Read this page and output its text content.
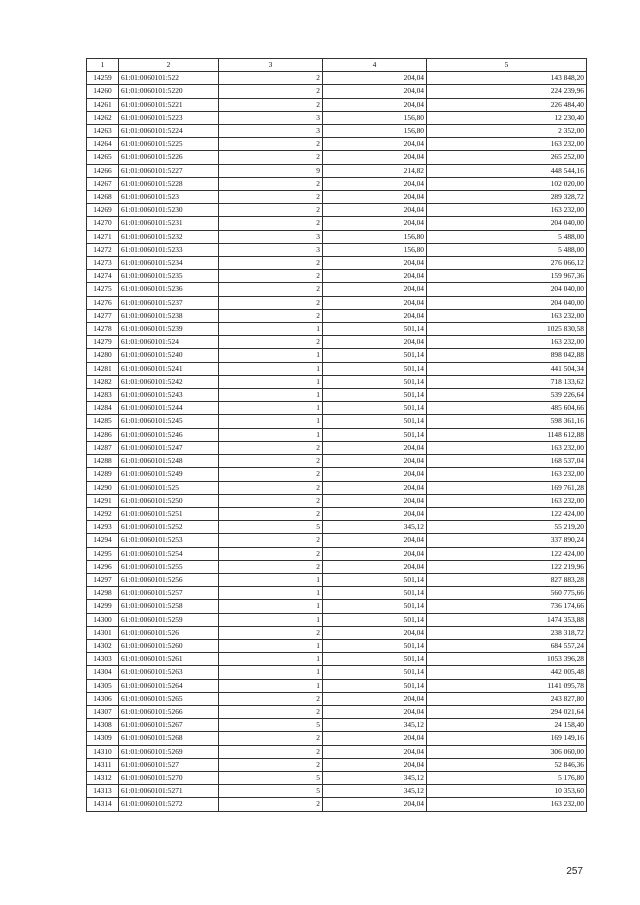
1	2	3	4	5
14259	61:01:0060101:522	2	204,04	143 848,20
14260	61:01:0060101:5220	2	204,04	224 239,96
14261	61:01:0060101:5221	2	204,04	226 484,40
14262	61:01:0060101:5223	3	156,80	12 230,40
14263	61:01:0060101:5224	3	156,80	2 352,00
14264	61:01:0060101:5225	2	204,04	163 232,00
14265	61:01:0060101:5226	2	204,04	265 252,00
14266	61:01:0060101:5227	9	214,82	448 544,16
14267	61:01:0060101:5228	2	204,04	102 020,00
14268	61:01:0060101:523	2	204,04	289 328,72
14269	61:01:0060101:5230	2	204,04	163 232,00
14270	61:01:0060101:5231	2	204,04	204 040,00
14271	61:01:0060101:5232	3	156,80	5 488,00
14272	61:01:0060101:5233	3	156,80	5 488,00
14273	61:01:0060101:5234	2	204,04	276 066,12
14274	61:01:0060101:5235	2	204,04	159 967,36
14275	61:01:0060101:5236	2	204,04	204 040,00
14276	61:01:0060101:5237	2	204,04	204 040,00
14277	61:01:0060101:5238	2	204,04	163 232,00
14278	61:01:0060101:5239	1	501,14	1025 830,58
14279	61:01:0060101:524	2	204,04	163 232,00
14280	61:01:0060101:5240	1	501,14	898 042,88
14281	61:01:0060101:5241	1	501,14	441 504,34
14282	61:01:0060101:5242	1	501,14	718 133,62
14283	61:01:0060101:5243	1	501,14	539 226,64
14284	61:01:0060101:5244	1	501,14	485 604,66
14285	61:01:0060101:5245	1	501,14	598 361,16
14286	61:01:0060101:5246	1	501,14	1148 612,88
14287	61:01:0060101:5247	2	204,04	163 232,00
14288	61:01:0060101:5248	2	204,04	168 537,04
14289	61:01:0060101:5249	2	204,04	163 232,00
14290	61:01:0060101:525	2	204,04	169 761,28
14291	61:01:0060101:5250	2	204,04	163 232,00
14292	61:01:0060101:5251	2	204,04	122 424,00
14293	61:01:0060101:5252	5	345,12	55 219,20
14294	61:01:0060101:5253	2	204,04	337 890,24
14295	61:01:0060101:5254	2	204,04	122 424,00
14296	61:01:0060101:5255	2	204,04	122 219,96
14297	61:01:0060101:5256	1	501,14	827 883,28
14298	61:01:0060101:5257	1	501,14	560 775,66
14299	61:01:0060101:5258	1	501,14	736 174,66
14300	61:01:0060101:5259	1	501,14	1474 353,88
14301	61:01:0060101:526	2	204,04	238 318,72
14302	61:01:0060101:5260	1	501,14	684 557,24
14303	61:01:0060101:5261	1	501,14	1053 396,28
14304	61:01:0060101:5263	1	501,14	442 005,48
14305	61:01:0060101:5264	1	501,14	1141 095,78
14306	61:01:0060101:5265	2	204,04	243 827,80
14307	61:01:0060101:5266	2	204,04	294 021,64
14308	61:01:0060101:5267	5	345,12	24 158,40
14309	61:01:0060101:5268	2	204,04	169 149,16
14310	61:01:0060101:5269	2	204,04	306 060,00
14311	61:01:0060101:527	2	204,04	52 846,36
14312	61:01:0060101:5270	5	345,12	5 176,80
14313	61:01:0060101:5271	5	345,12	10 353,60
14314	61:01:0060101:5272	2	204,04	163 232,00
257
